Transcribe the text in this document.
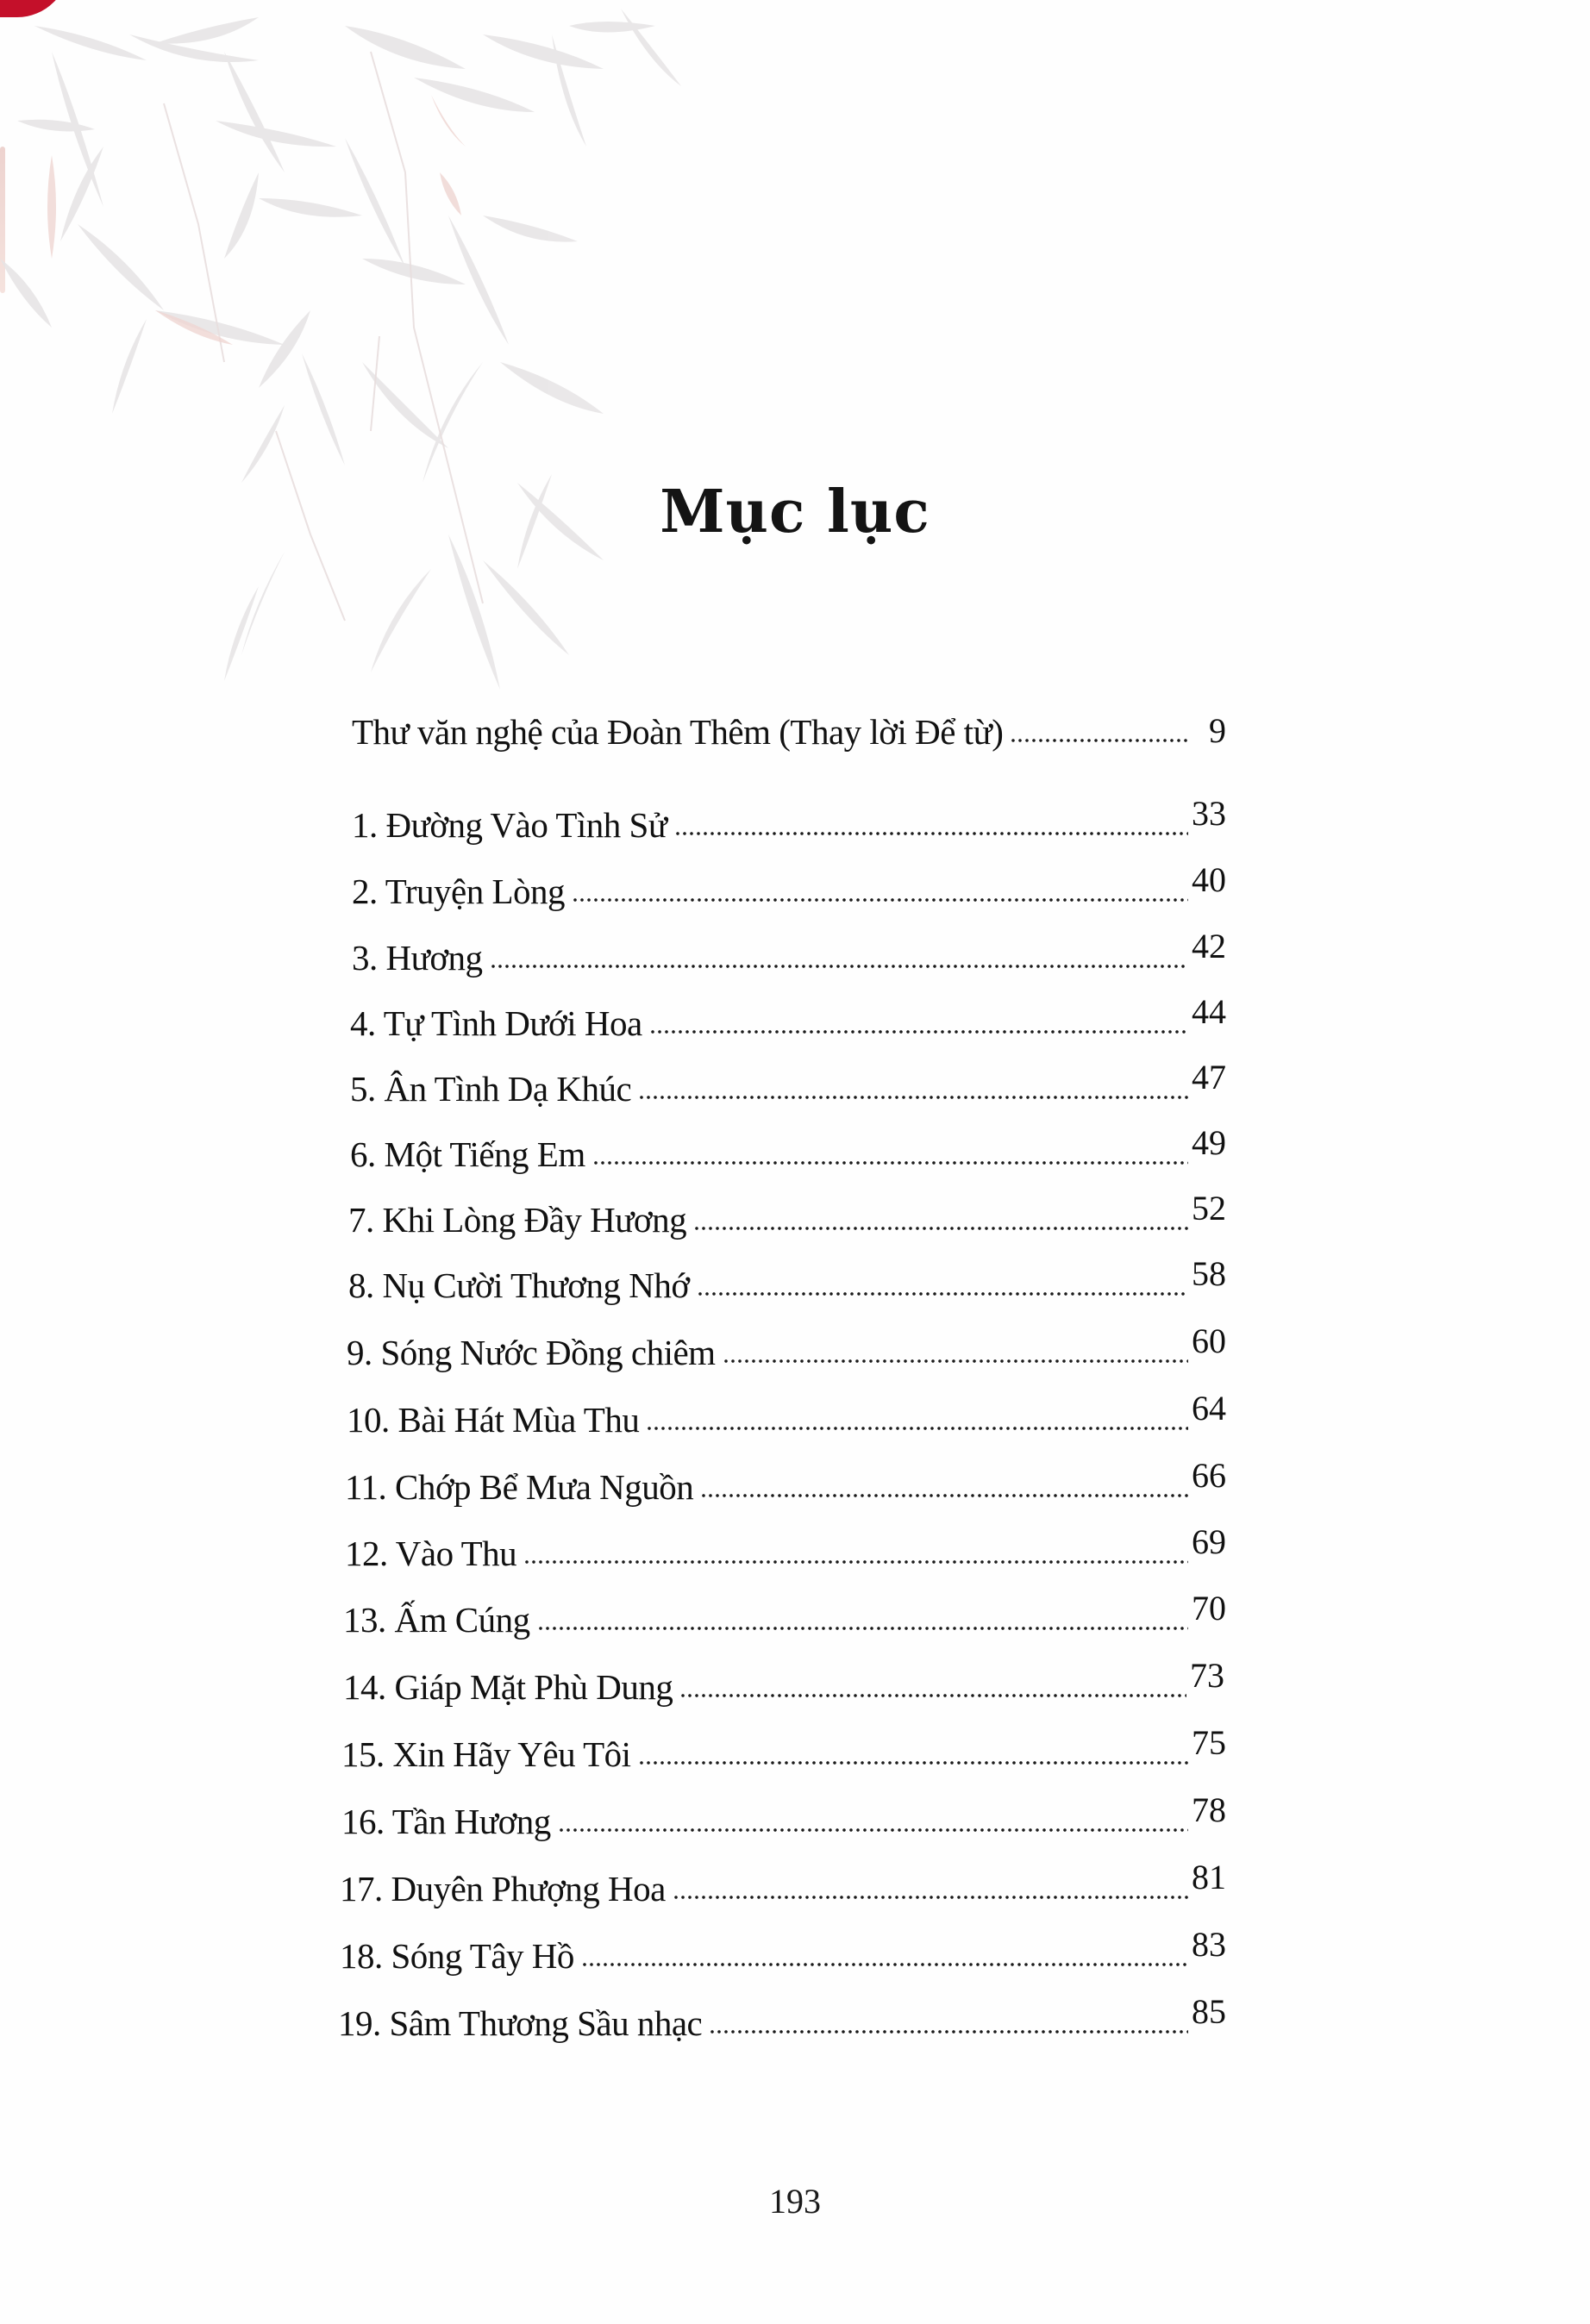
Mục lục
Thư văn nghệ của Đoàn Thêm (Thay lời Để từ)	9
1. Đường Vào Tình Sử	33
2. Truyện Lòng	40
3. Hương	42
4. Tự Tình Dưới Hoa	44
5. Ân Tình Dạ Khúc	47
6. Một Tiếng Em	49
7. Khi Lòng Đầy Hương	52
8. Nụ Cười Thương Nhớ	58
9. Sóng Nước Đồng chiêm	60
10. Bài Hát Mùa Thu	64
11. Chớp Bể Mưa Nguồn	66
12. Vào Thu	69
13. Ấm Cúng	70
14. Giáp Mặt Phù Dung	73
15. Xin Hãy Yêu Tôi	75
16. Tần Hương	78
17. Duyên Phượng Hoa	81
18. Sóng Tây Hồ	83
19. Sâm Thương Sầu nhạc	85
193
